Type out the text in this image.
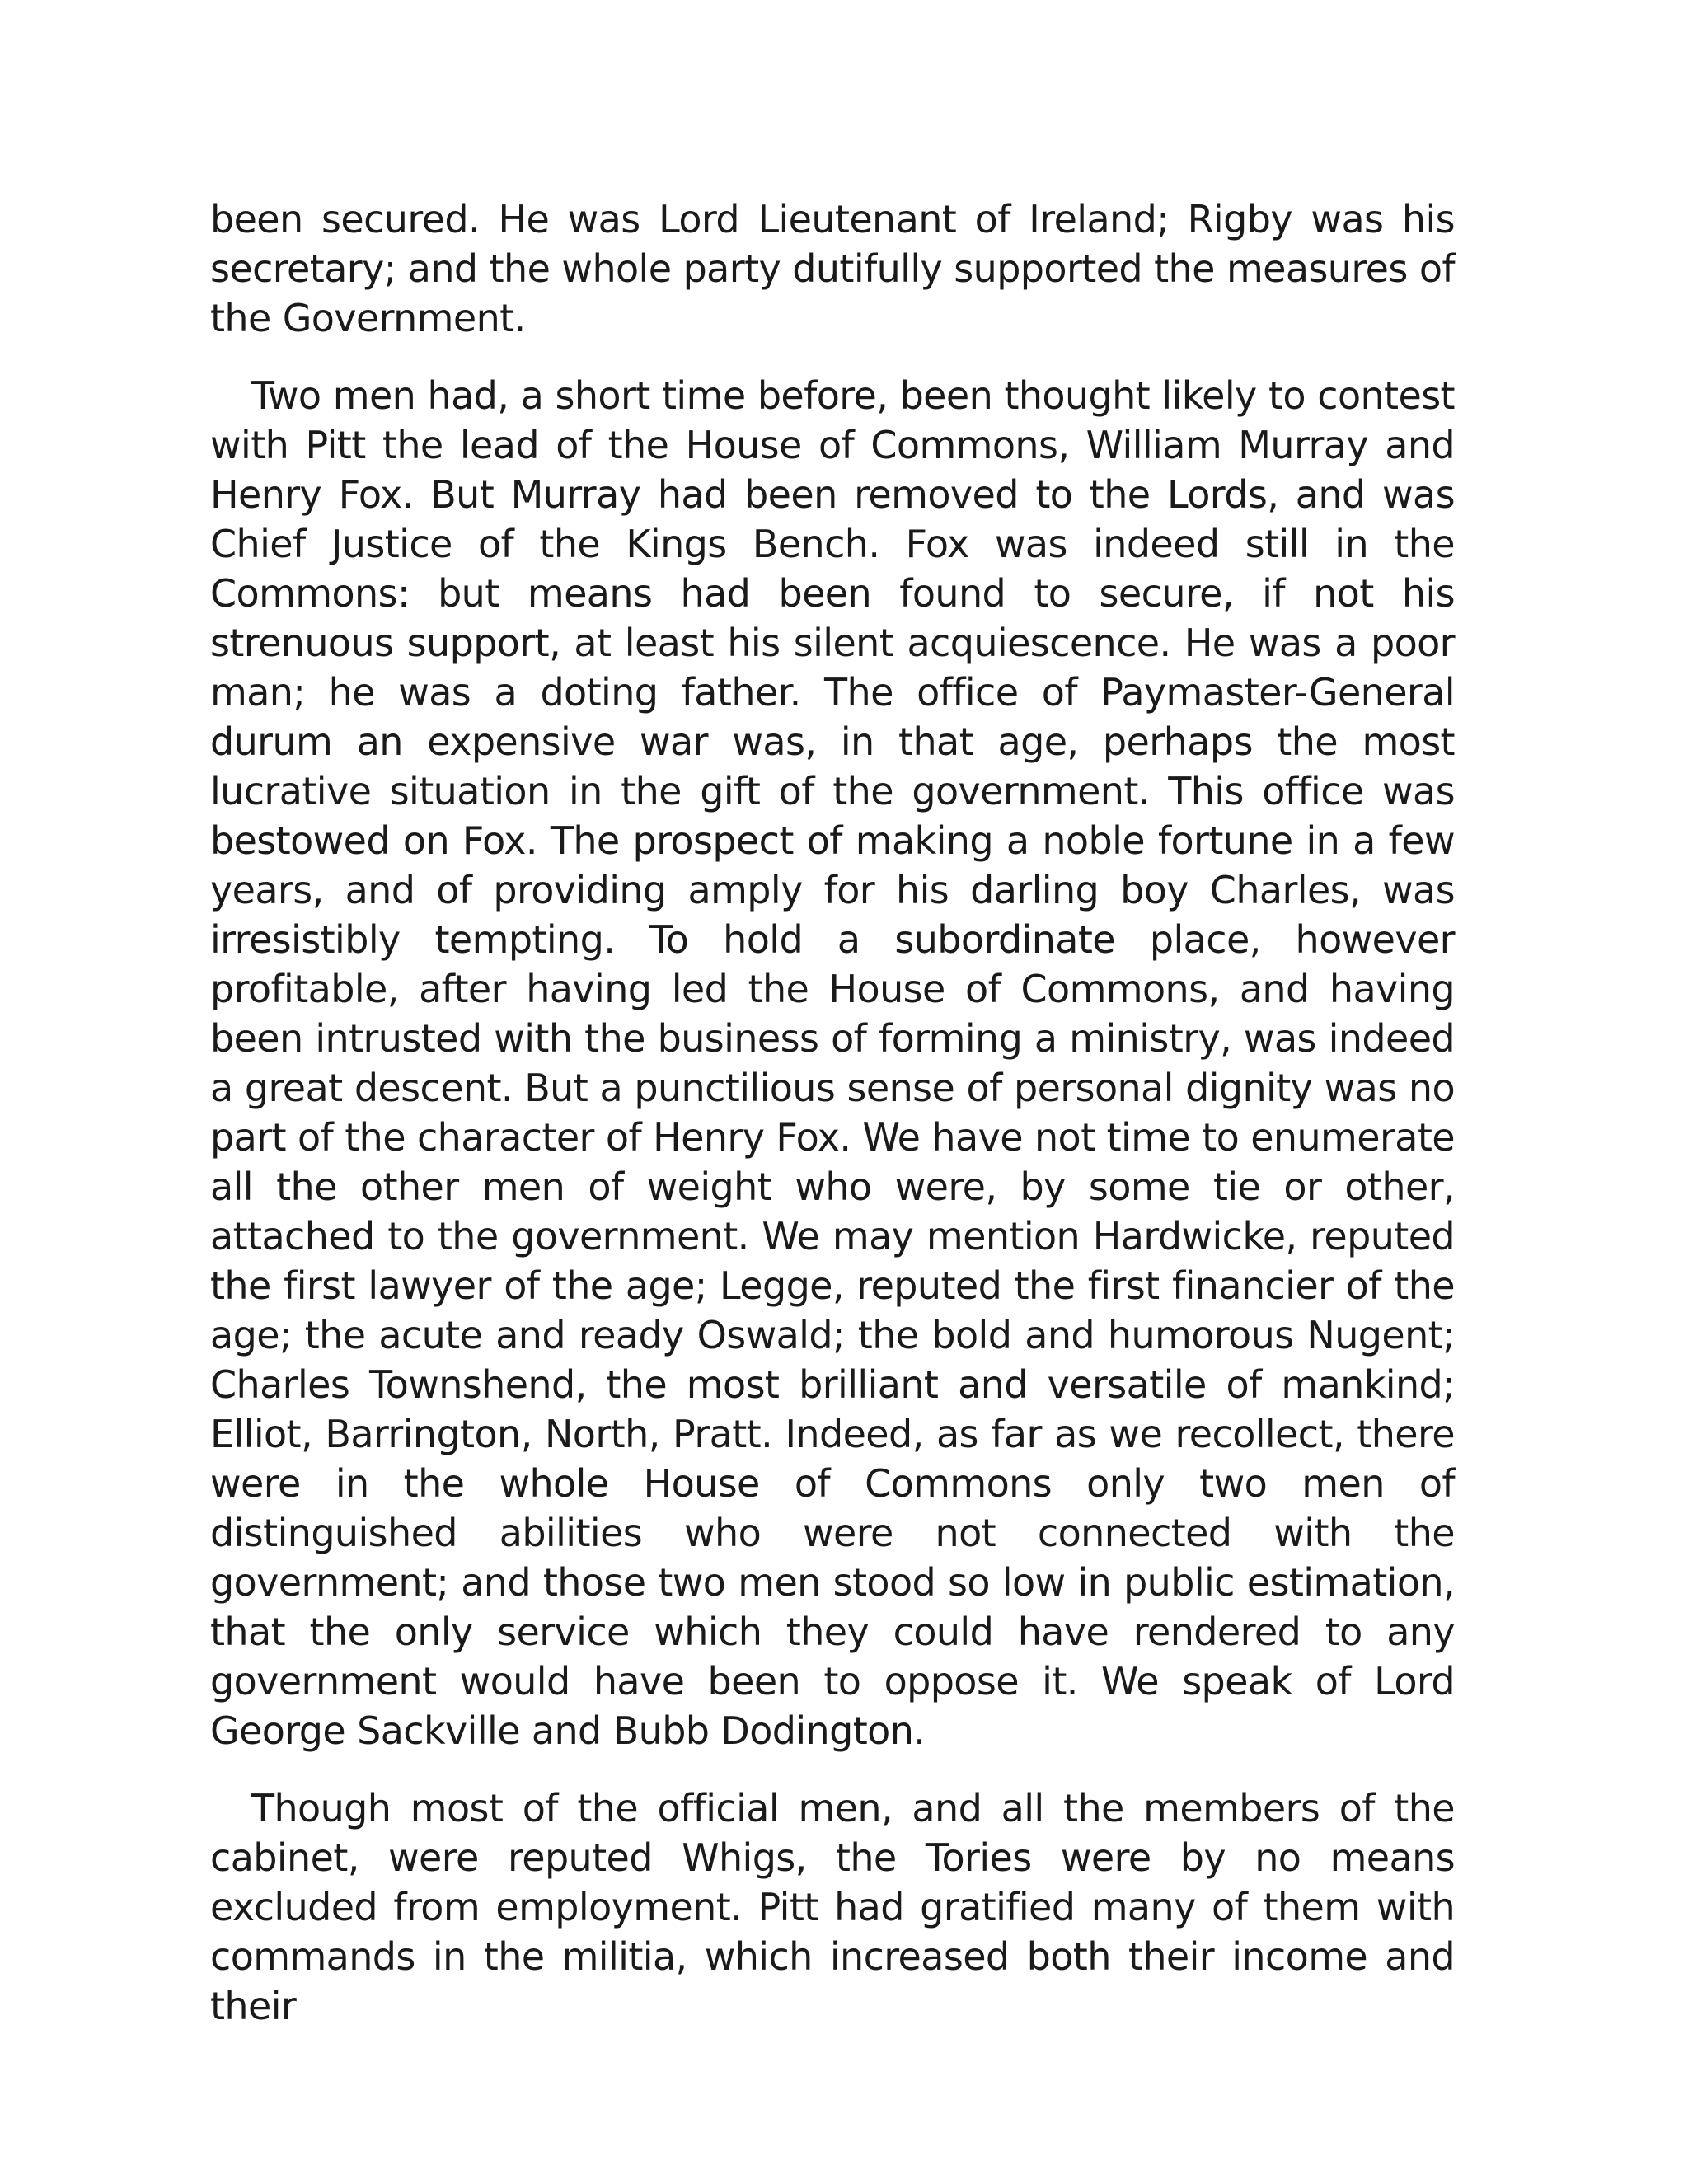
been secured. He was Lord Lieutenant of Ireland; Rigby was his secretary; and the whole party dutifully supported the measures of the Government.

Two men had, a short time before, been thought likely to contest with Pitt the lead of the House of Commons, William Murray and Henry Fox. But Murray had been removed to the Lords, and was Chief Justice of the Kings Bench. Fox was indeed still in the Commons: but means had been found to secure, if not his strenuous support, at least his silent acquiescence. He was a poor man; he was a doting father. The office of Paymaster-General durum an expensive war was, in that age, perhaps the most lucrative situation in the gift of the government. This office was bestowed on Fox. The prospect of making a noble fortune in a few years, and of providing amply for his darling boy Charles, was irresistibly tempting. To hold a subordinate place, however profitable, after having led the House of Commons, and having been intrusted with the business of forming a ministry, was indeed a great descent. But a punctilious sense of personal dignity was no part of the character of Henry Fox. We have not time to enumerate all the other men of weight who were, by some tie or other, attached to the government. We may mention Hardwicke, reputed the first lawyer of the age; Legge, reputed the first financier of the age; the acute and ready Oswald; the bold and humorous Nugent; Charles Townshend, the most brilliant and versatile of mankind; Elliot, Barrington, North, Pratt. Indeed, as far as we recollect, there were in the whole House of Commons only two men of distinguished abilities who were not connected with the government; and those two men stood so low in public estimation, that the only service which they could have rendered to any government would have been to oppose it. We speak of Lord George Sackville and Bubb Dodington.

Though most of the official men, and all the members of the cabinet, were reputed Whigs, the Tories were by no means excluded from employment. Pitt had gratified many of them with commands in the militia, which increased both their income and their
